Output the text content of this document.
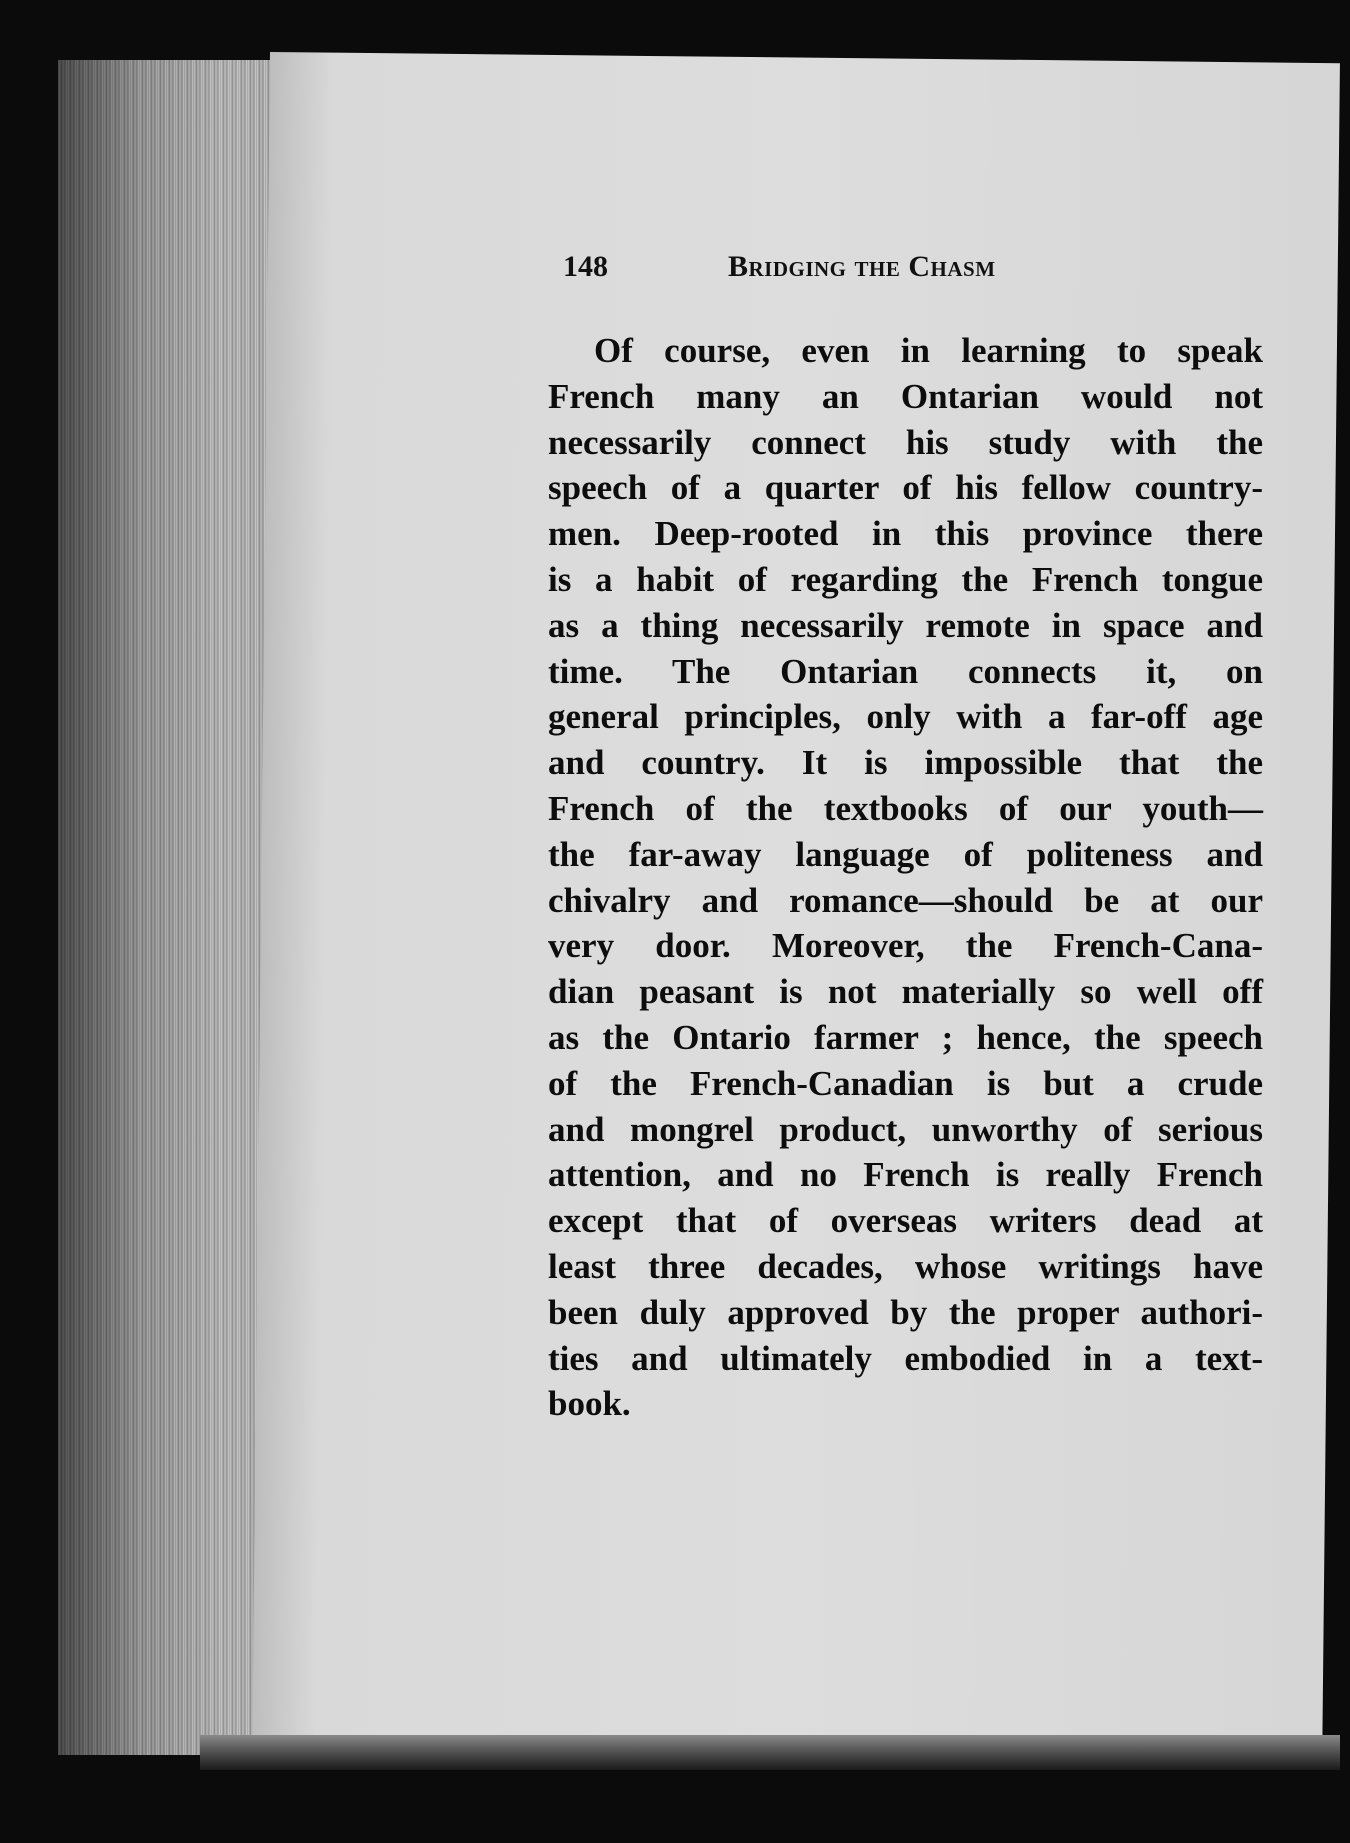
148	Bridging the Chasm
Of course, even in learning to speak
French many an Ontarian would not
necessarily connect his study with the
speech of a quarter of his fellow country-
men. Deep-rooted in this province there
is a habit of regarding the French tongue
as a thing necessarily remote in space and
time. The Ontarian connects it, on
general principles, only with a far-off age
and country. It is impossible that the
French of the textbooks of our youth—
the far-away language of politeness and
chivalry and romance—should be at our
very door. Moreover, the French-Cana-
dian peasant is not materially so well off
as the Ontario farmer ; hence, the speech
of the French-Canadian is but a crude
and mongrel product, unworthy of serious
attention, and no French is really French
except that of overseas writers dead at
least three decades, whose writings have
been duly approved by the proper authori-
ties and ultimately embodied in a text-
book.
